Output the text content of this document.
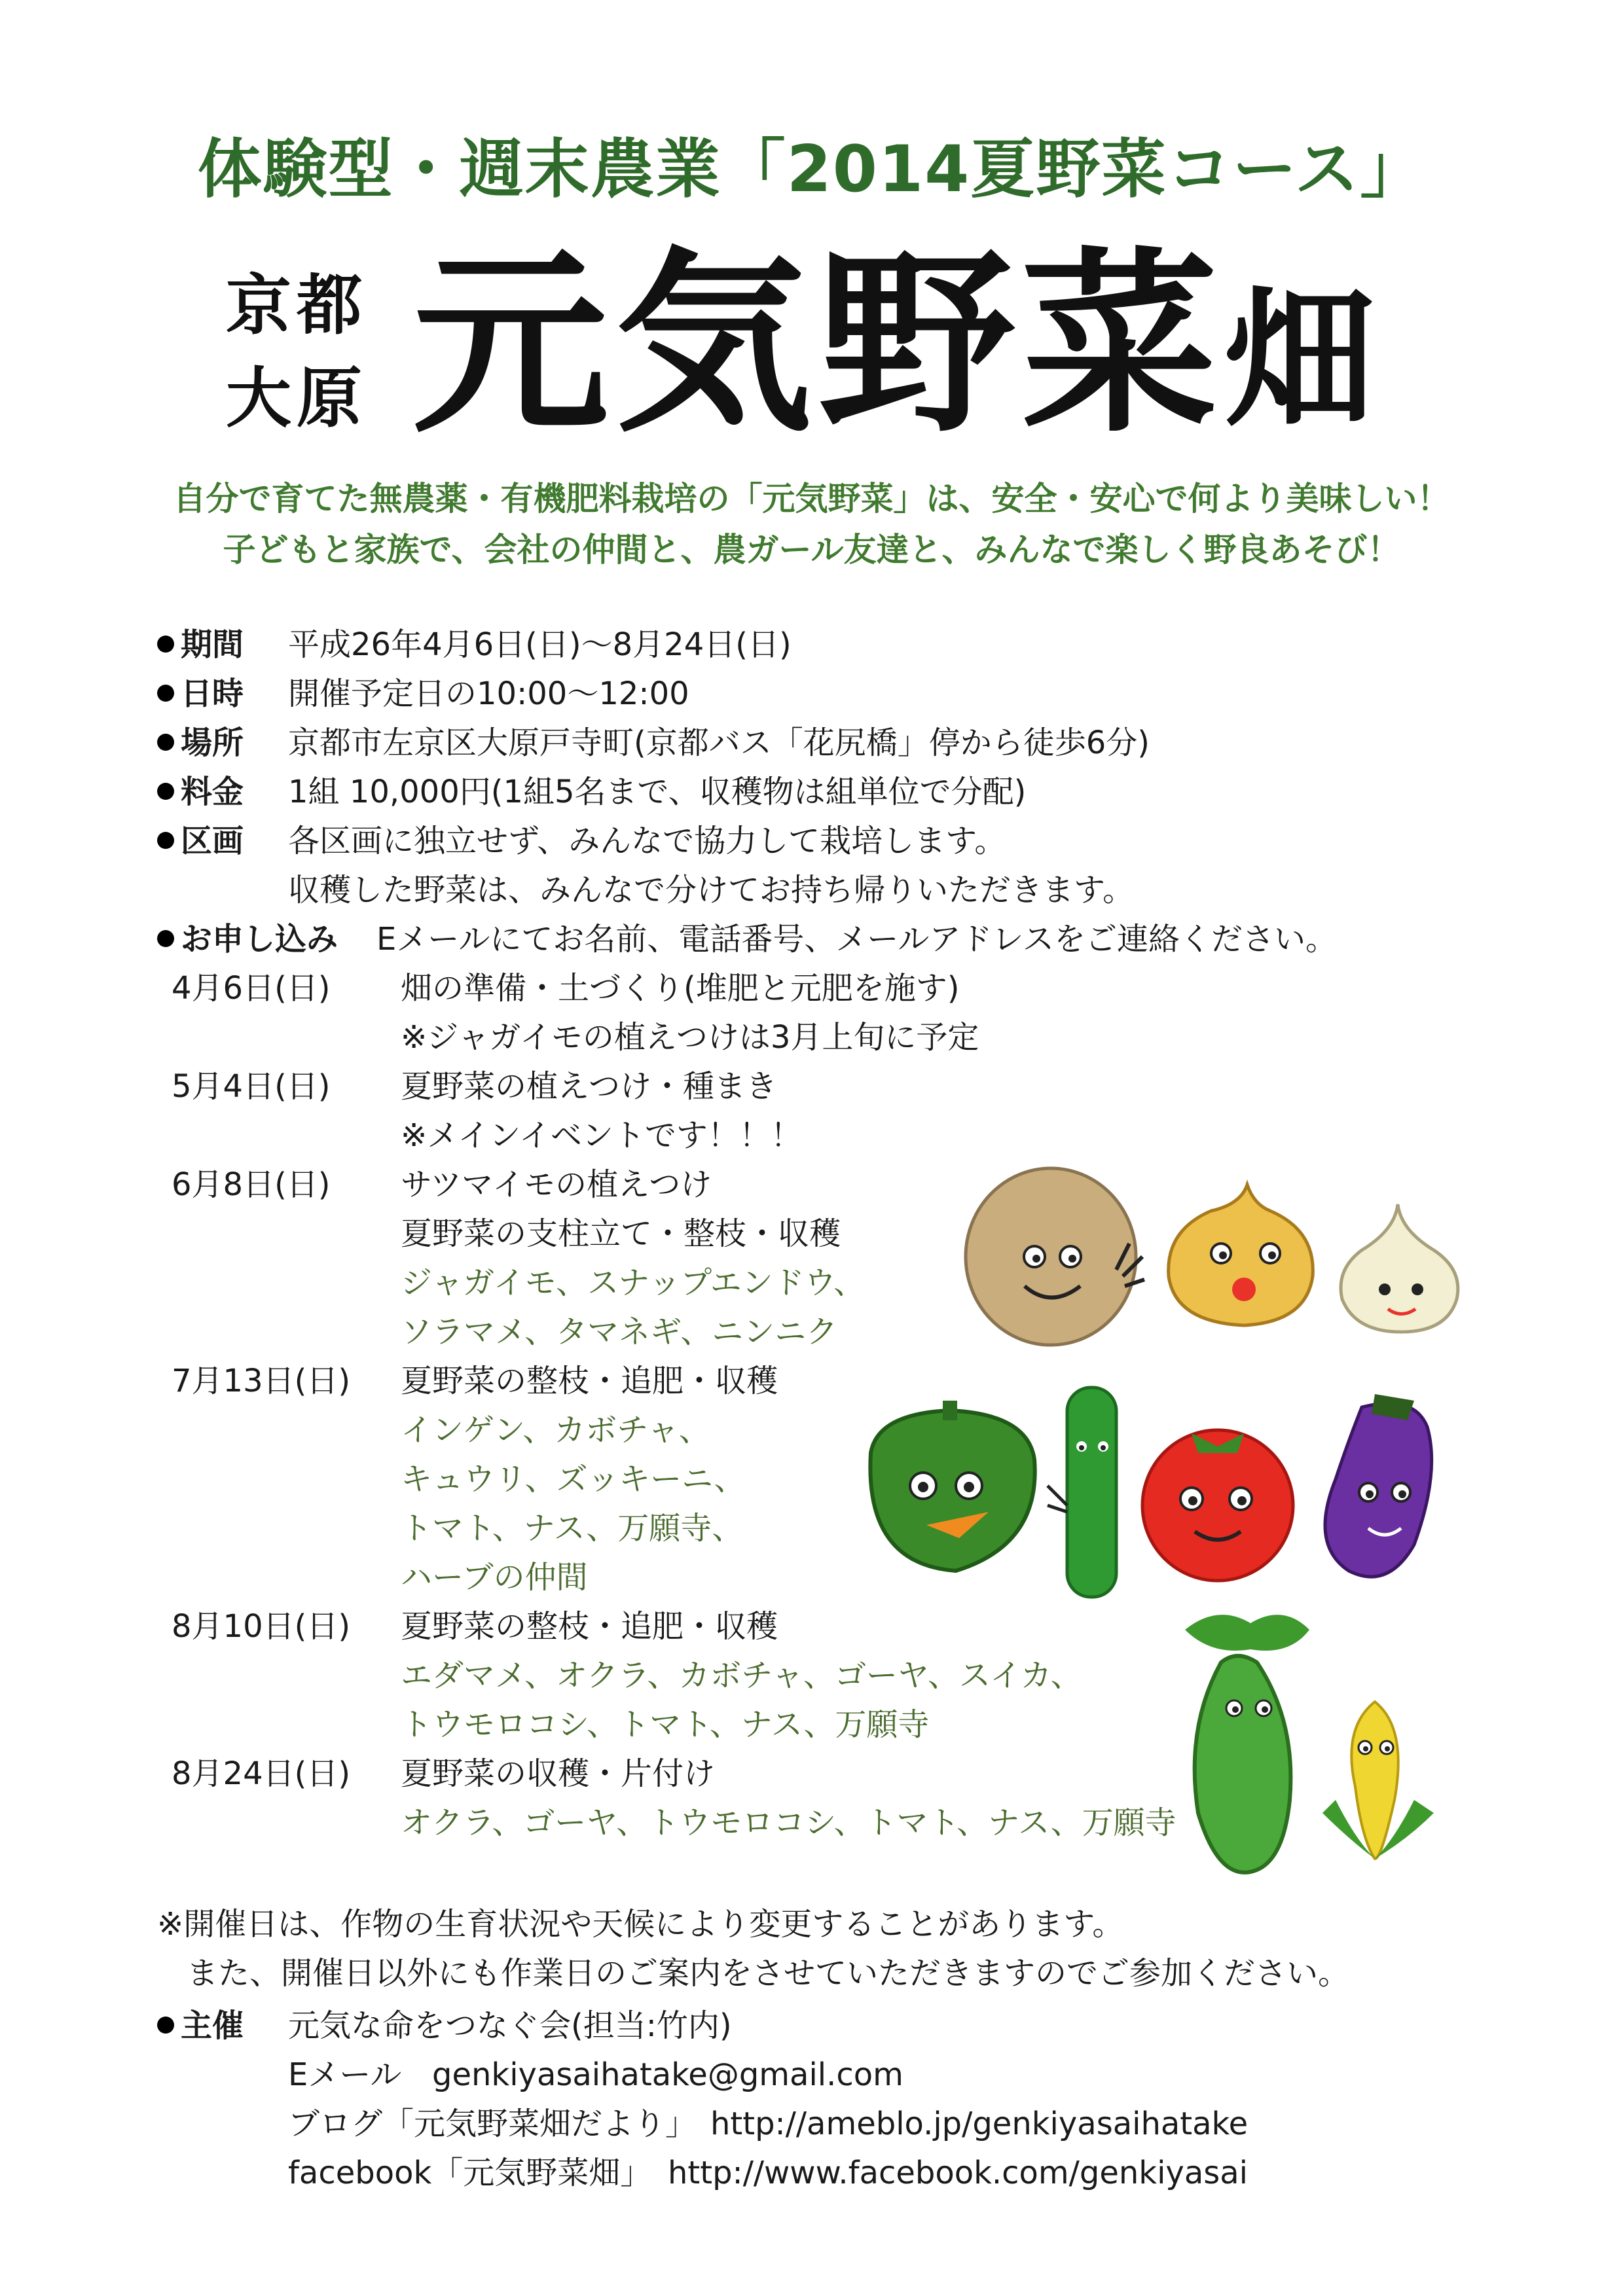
体験型・週末農業「2014夏野菜コース」
京都
大原 元気野菜畑
自分で育てた無農薬・有機肥料栽培の「元気野菜」は、安全・安心で何より美味しい！
子どもと家族で、会社の仲間と、農ガール友達と、みんなで楽しく野良あそび！
期間 平成26年4月6日(日)～8月24日(日)
日時 開催予定日の10:00～12:00
場所 京都市左京区大原戸寺町(京都バス「花尻橋」停から徒歩6分)
料金 1組 10,000円(1組5名まで、収穫物は組単位で分配)
区画 各区画に独立せず、みんなで協力して栽培します。
収穫した野菜は、みんなで分けてお持ち帰りいただきます。
お申し込み Eメールにてお名前、電話番号、メールアドレスをご連絡ください。
4月6日(日) 畑の準備・土づくり(堆肥と元肥を施す)
※ジャガイモの植えつけは3月上旬に予定
5月4日(日) 夏野菜の植えつけ・種まき
※メインイベントです！！！
6月8日(日) サツマイモの植えつけ
夏野菜の支柱立て・整枝・収穫
ジャガイモ、スナップエンドウ、
ソラマメ、タマネギ、ニンニク
7月13日(日) 夏野菜の整枝・追肥・収穫
インゲン、カボチャ、
キュウリ、ズッキーニ、
トマト、ナス、万願寺、
ハーブの仲間
8月10日(日) 夏野菜の整枝・追肥・収穫
エダマメ、オクラ、カボチャ、ゴーヤ、スイカ、
トウモロコシ、トマト、ナス、万願寺
8月24日(日) 夏野菜の収穫・片付け
オクラ、ゴーヤ、トウモロコシ、トマト、ナス、万願寺
※開催日は、作物の生育状況や天候により変更することがあります。
また、開催日以外にも作業日のご案内をさせていただきますのでご参加ください。
主催 元気な命をつなぐ会(担当:竹内)
Eメール genkiyasaihatake@gmail.com
ブログ「元気野菜畑だより」 http://ameblo.jp/genkiyasaihatake
facebook「元気野菜畑」 http://www.facebook.com/genkiyasai
